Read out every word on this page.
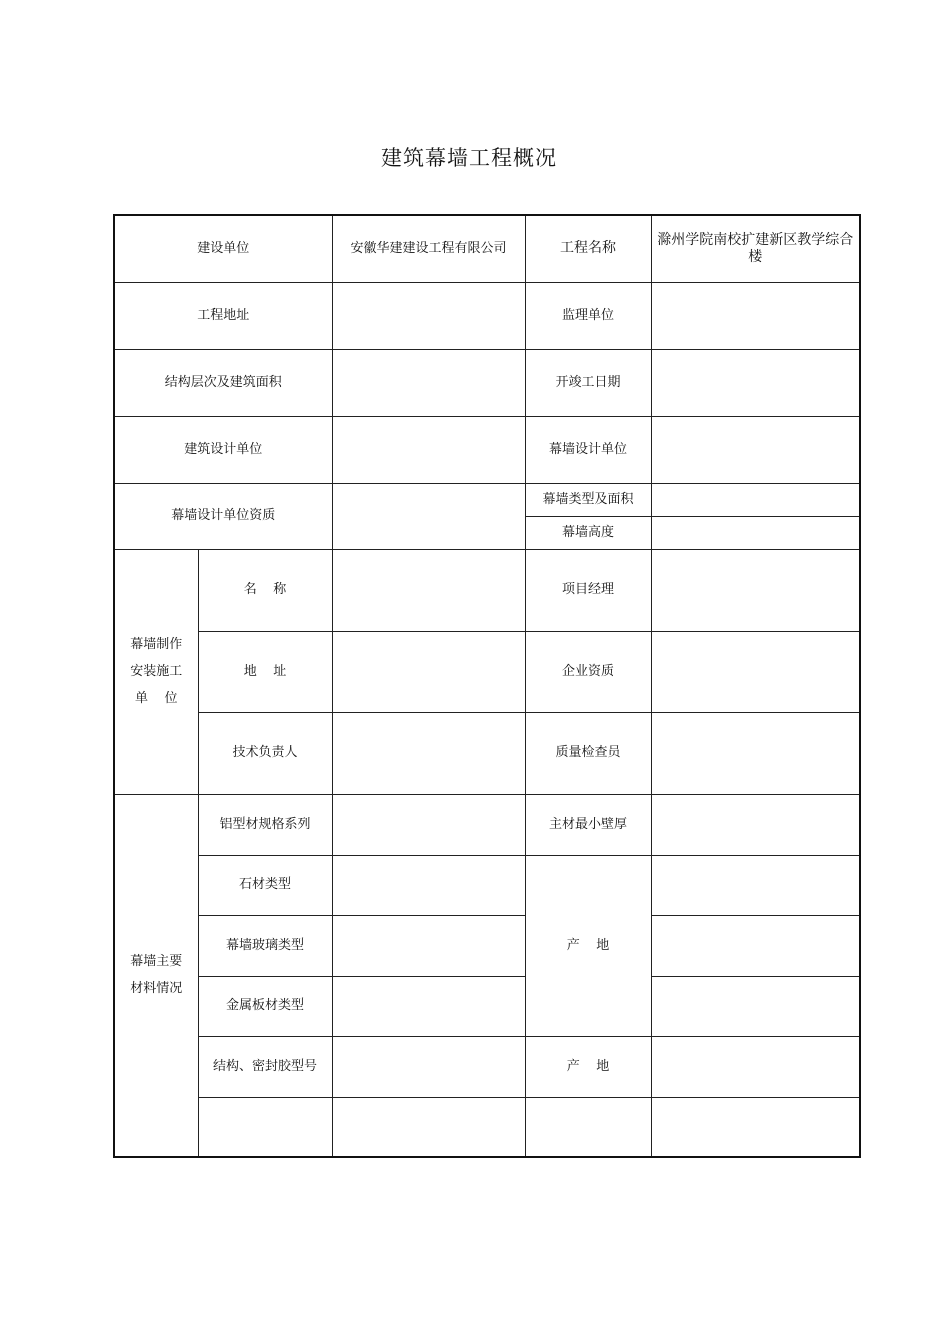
建筑幕墙工程概况
建设单位		安徽华建建设工程有限公司	工程名称	滁州学院南校扩建新区教学综合楼
工程地址			监理单位	
结构层次及建筑面积			开竣工日期	
建筑设计单位			幕墙设计单位	
幕墙设计单位资质			幕墙类型及面积	
			幕墙高度	

幕墙制作
安装施工
单    位	名    称		项目经理	
	地    址		企业资质	
	技术负责人		质量检查员	

幕墙主要
材料情况	铝型材规格系列		主材最小壁厚	
	石材类型		产    地	
	幕墙玻璃类型			
	金属板材类型			
	结构、密封胶型号		产    地	
